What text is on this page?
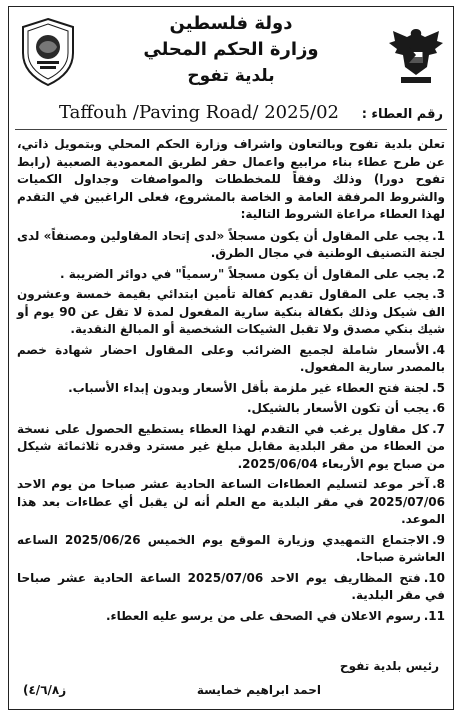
دولة فلسطين
وزارة الحكم المحلي
بلدية تفوح
رقم العطاء :
Taffouh /Paving Road/ 2025/02

تعلن بلدية تفوح وبالتعاون واشراف وزارة الحكم المحلي وبتمويل ذاتي، عن طرح عطاء بناء مرابيع واعمال حفر لطريق المعمودية الصعبية (رابط تفوح دورا) وذلك وفقاً للمخططات والمواصفات وجداول الكميات والشروط المرفقة العامة و الخاصة بالمشروع، فعلى الراغبين في التقدم لهذا العطاء مراعاة الشروط التالية:

1.يجب على المقاول أن يكون مسجلاً «لدى إتحاد المقاولين ومصنفاً» لدى لجنة التصنيف الوطنية في مجال الطرق.
2.يجب على المقاول أن يكون مسجلاً "رسمياً" في دوائر الضريبة .
3.يجب على المقاول تقديم كفالة تأمين ابتدائي بقيمة خمسة وعشرون الف شيكل وذلك بكفالة بنكية سارية المفعول لمدة لا تقل عن 90 يوم أو شيك بنكي مصدق ولا تقبل الشيكات الشخصية أو المبالغ النقدية.
4.الأسعار شاملة لجميع الضرائب وعلى المقاول احضار شهادة خصم بالمصدر سارية المفعول.
5.لجنة فتح العطاء غير ملزمة بأقل الأسعار وبدون إبداء الأسباب.
6.يجب أن تكون الأسعار بالشيكل.
7.كل مقاول يرغب في التقدم لهذا العطاء يستطيع الحصول على نسخة من العطاء من مقر البلدية مقابل مبلغ غير مسترد وقدره ثلاثمائة شيكل من صباح يوم الأربعاء 2025/06/04.
8.آخر موعد لتسليم العطاءات الساعة الحادية عشر صباحا من يوم الاحد 2025/07/06 في مقر البلدية مع العلم أنه لن يقبل أي عطاءات بعد هذا الموعد.
9.الاجتماع التمهيدي وزيارة الموقع يوم الخميس 2025/06/26 الساعه العاشرة صباحا.
10.فتح المظاريف يوم الاحد 2025/07/06 الساعة الحادية عشر صباحا في مقر البلدية.
11.رسوم الاعلان في الصحف على من يرسو عليه العطاء.
رئيس بلدية تفوح
احمد ابراهيم خمايسة
ز٤/٦/٨)
